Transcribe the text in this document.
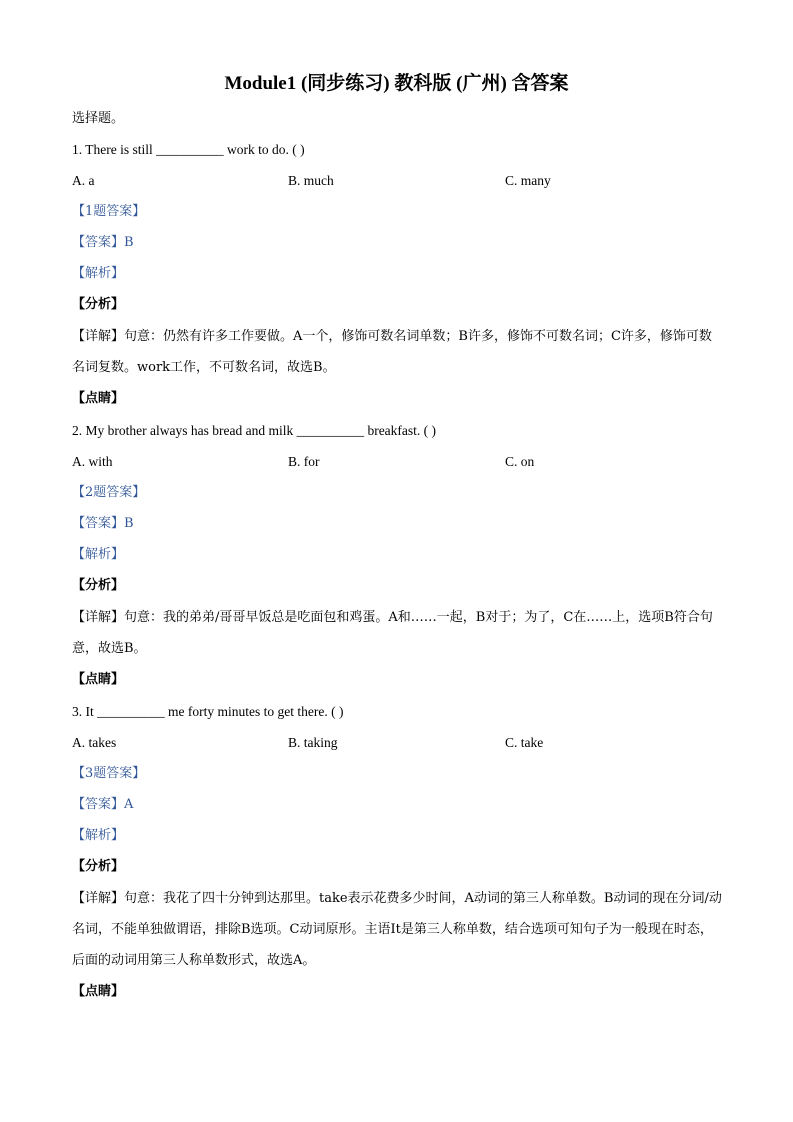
Module1 (同步练习) 教科版 (广州) 含答案
选择题。
1. There is still __________ work to do. ( )
A. a	B. much	C. many
【1题答案】
【答案】B
【解析】
【分析】
【详解】句意：仍然有许多工作要做。A一个，修饰可数名词单数；B许多，修饰不可数名词；C许多，修饰可数名词复数。work工作，不可数名词，故选B。
【点睛】
2. My brother always has bread and milk __________ breakfast. ( )
A. with	B. for	C. on
【2题答案】
【答案】B
【解析】
【分析】
【详解】句意：我的弟弟/哥哥早饭总是吃面包和鸡蛋。A和……一起，B对于；为了，C在……上，选项B符合句意，故选B。
【点睛】
3. It __________ me forty minutes to get there. ( )
A. takes	B. taking	C. take
【3题答案】
【答案】A
【解析】
【分析】
【详解】句意：我花了四十分钟到达那里。take表示花费多少时间，A动词的第三人称单数。B动词的现在分词/动名词，不能单独做谓语，排除B选项。C动词原形。主语It是第三人称单数，结合选项可知句子为一般现在时态，后面的动词用第三人称单数形式，故选A。
【点睛】
